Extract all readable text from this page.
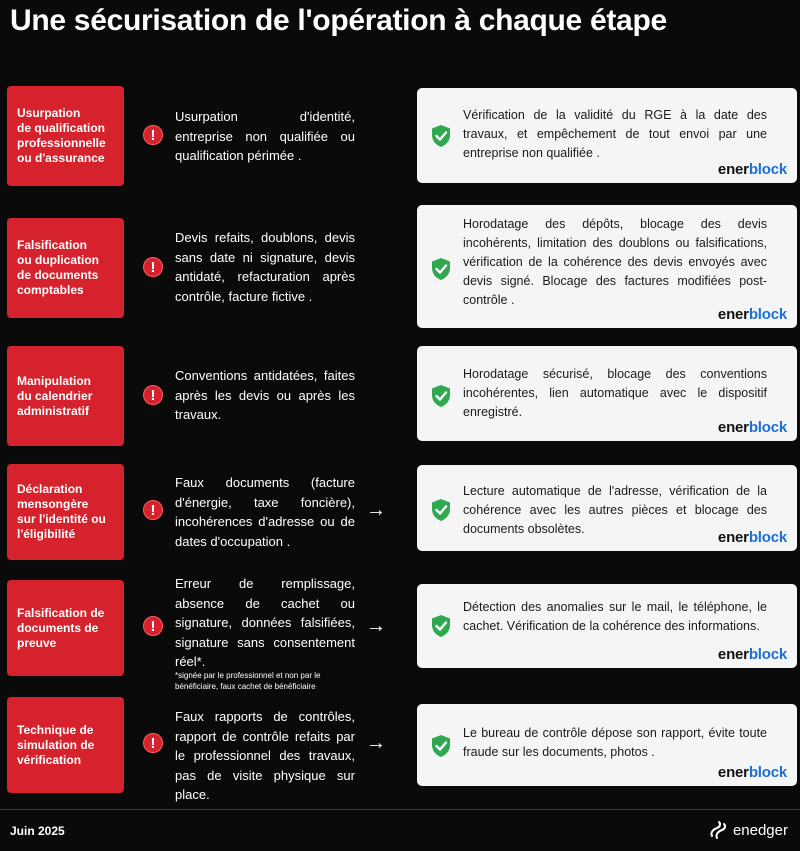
Une sécurisation de l'opération à chaque étape
Usurpation
de qualification
professionnelle
ou d'assurance
!
Usurpation d'identité, entreprise non qualifiée ou qualification périmée .
Vérification de la validité du RGE à la date des travaux, et empêchement de tout envoi par une entreprise non qualifiée .
enerblock
Falsification
ou duplication
de documents
comptables
!
Devis refaits, doublons, devis sans date ni signature, devis antidaté, refacturation après contrôle, facture fictive .
Horodatage des dépôts, blocage des devis incohérents, limitation des doublons ou falsifications, vérification de la cohérence des devis envoyés avec devis signé. Blocage des factures modifiées post-contrôle .
enerblock
Manipulation
du calendrier
administratif
!
Conventions antidatées, faites après les devis ou après les travaux.
Horodatage sécurisé, blocage des conventions incohérentes, lien automatique avec le dispositif enregistré.
enerblock
Déclaration
mensongère
sur l'identité ou
l'éligibilité
!
Faux documents (facture d'énergie, taxe foncière), incohérences d'adresse ou de dates d'occupation .
→
Lecture automatique de l'adresse, vérification de la cohérence avec les autres pièces et blocage des documents obsolètes.	enerblock
Falsification de
documents de
preuve
!
Erreur de remplissage, absence de cachet ou signature, données falsifiées, signature sans consentement réel*.
*signée par le professionnel et non par le bénéficiaire, faux cachet de bénéficiaire
→
Détection des anomalies sur le mail, le téléphone, le cachet. Vérification de la cohérence des informations.
enerblock
Technique de
simulation de
vérification
!
Faux rapports de contrôles, rapport de contrôle refaits par le professionnel des travaux, pas de visite physique sur place.
→	Le bureau de contrôle dépose son rapport, évite toute fraude sur les documents, photos .
enerblock
Juin 2025	enedger
